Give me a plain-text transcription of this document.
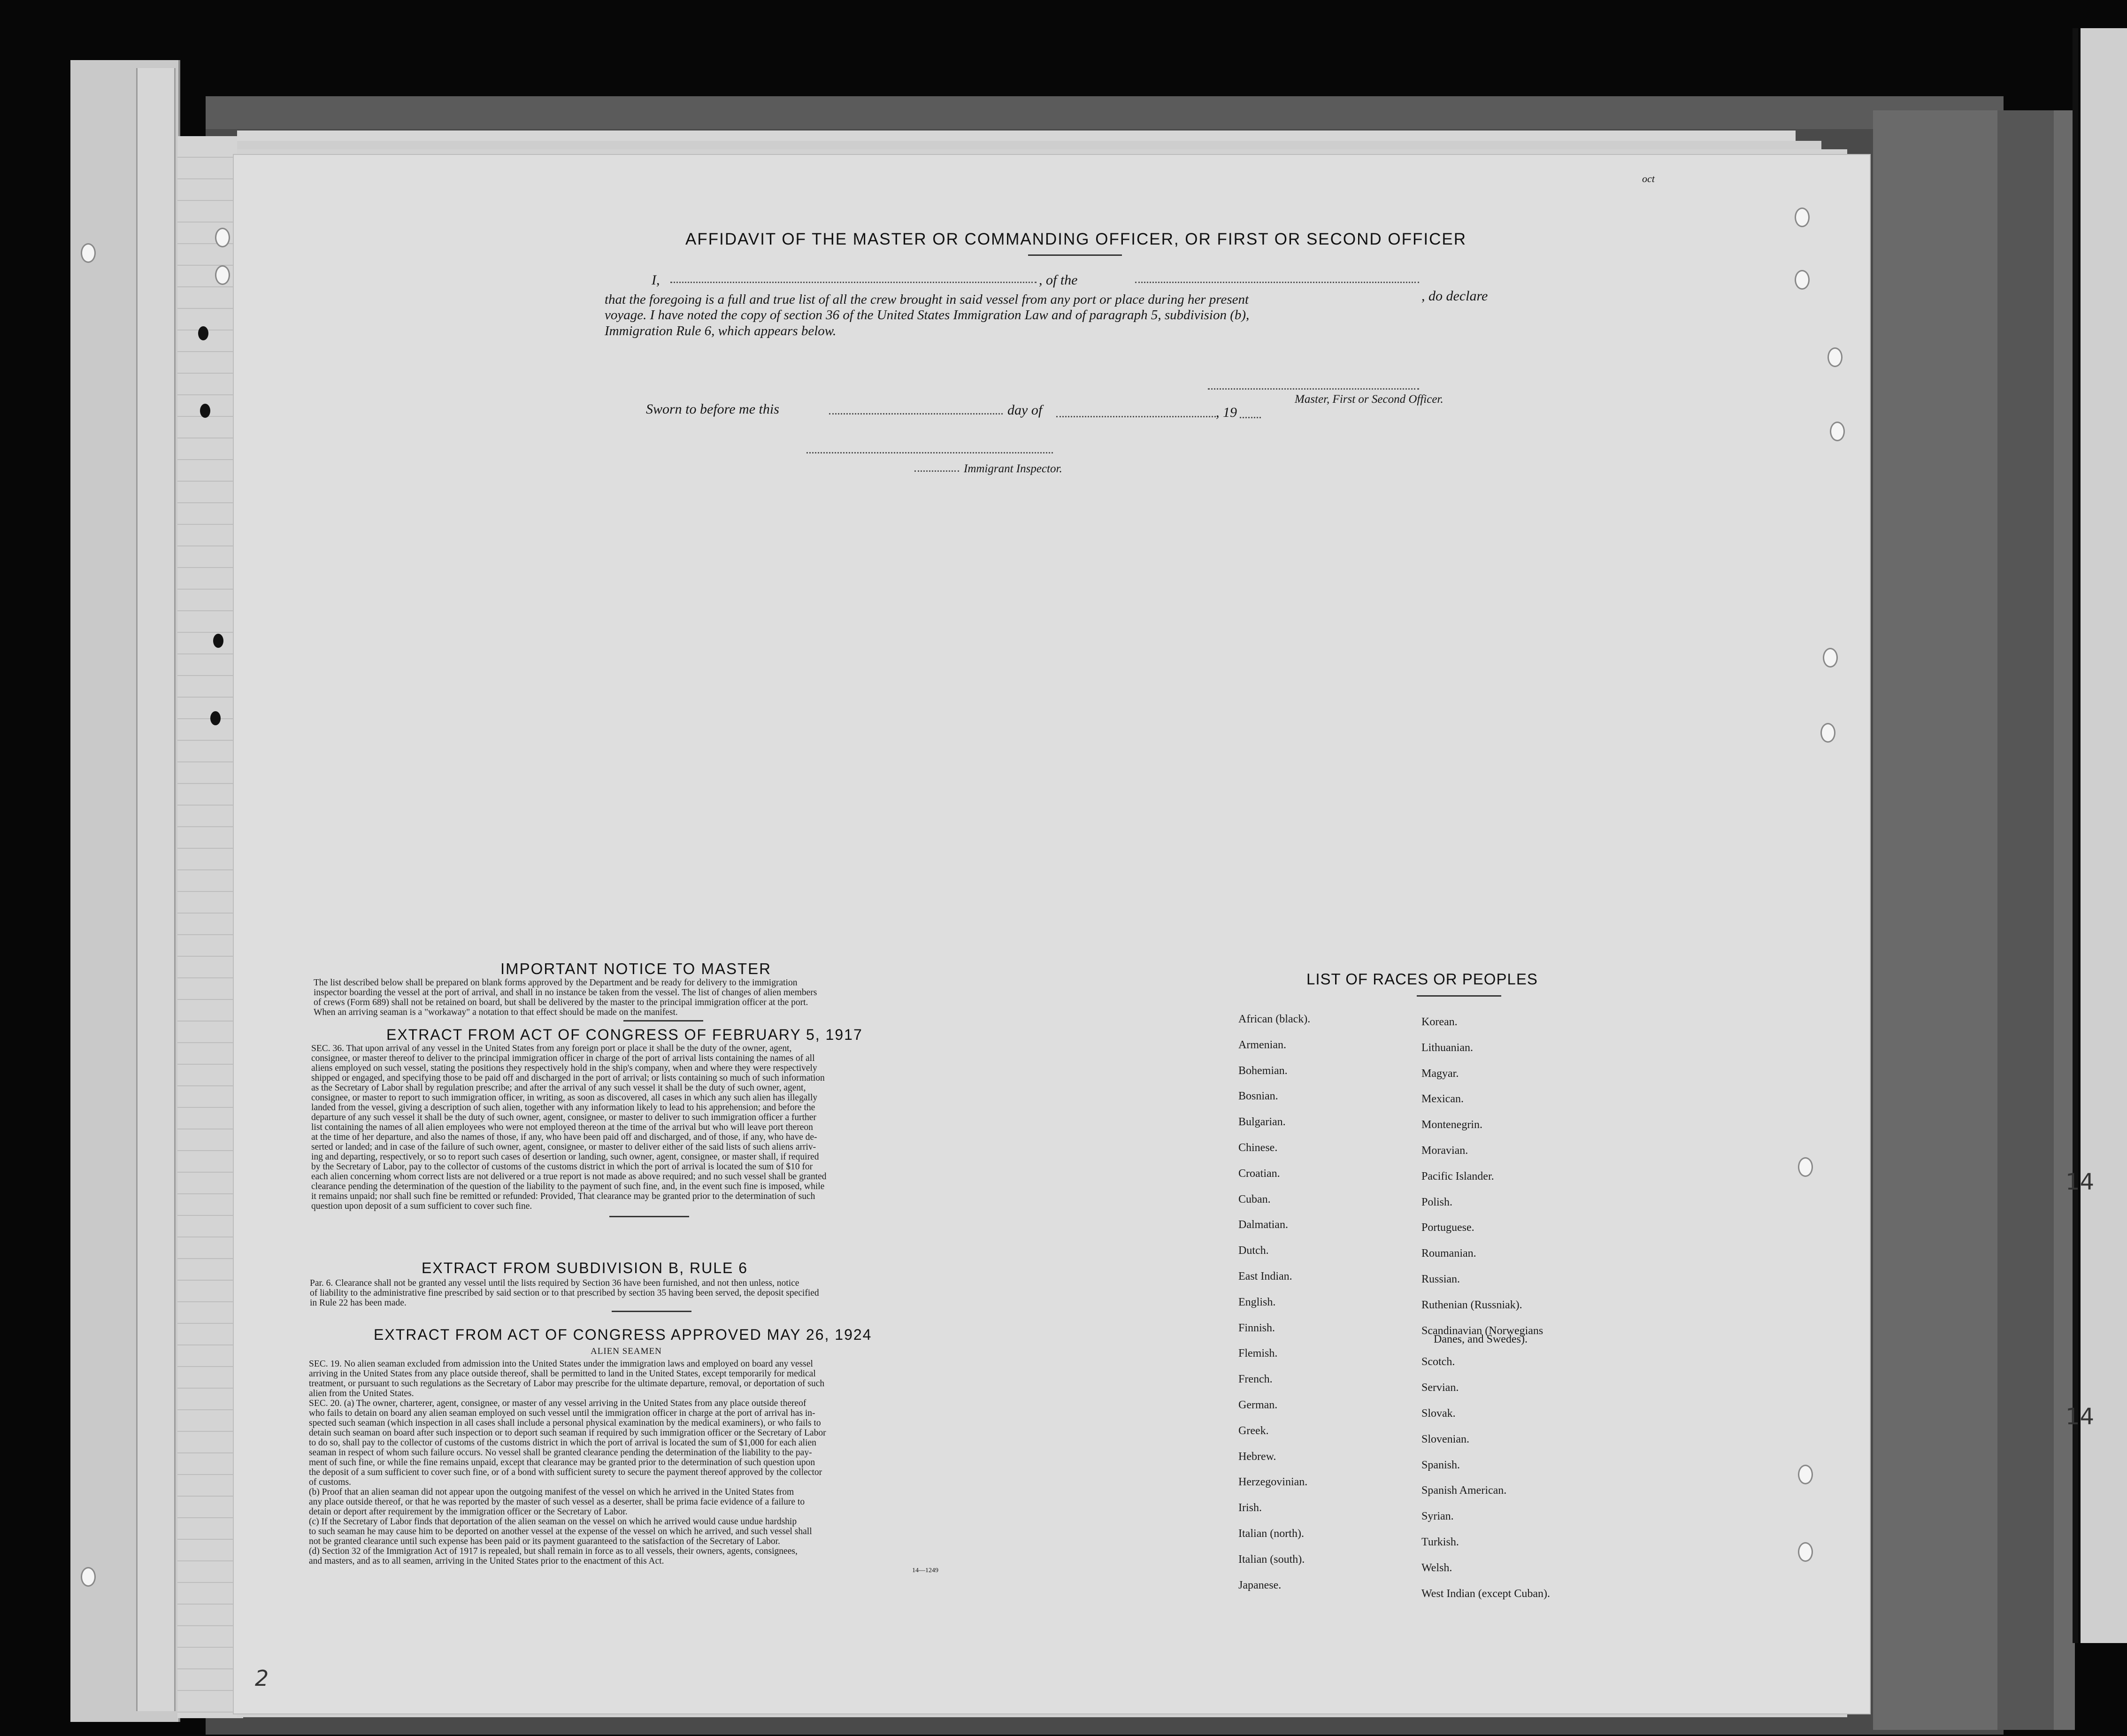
oct
AFFIDAVIT OF THE MASTER OR COMMANDING OFFICER, OR FIRST OR SECOND OFFICER
I,	, of the
, do declare
that the foregoing is a full and true list of all the crew brought in said vessel from any port or place during her present
voyage. I have noted the copy of section 36 of the United States Immigration Law and of paragraph 5, subdivision (b),
Immigration Rule 6, which appears below.
Master, First or Second Officer.
Sworn to before me this	day of	, 19
Immigrant Inspector.
IMPORTANT NOTICE TO MASTER
The list described below shall be prepared on blank forms approved by the Department and be ready for delivery to the immigration
inspector boarding the vessel at the port of arrival, and shall in no instance be taken from the vessel. The list of changes of alien members
of crews (Form 689) shall not be retained on board, but shall be delivered by the master to the principal immigration officer at the port.
When an arriving seaman is a "workaway" a notation to that effect should be made on the manifest.
EXTRACT FROM ACT OF CONGRESS OF FEBRUARY 5, 1917
SEC. 36. That upon arrival of any vessel in the United States from any foreign port or place it shall be the duty of the owner, agent,
consignee, or master thereof to deliver to the principal immigration officer in charge of the port of arrival lists containing the names of all
aliens employed on such vessel, stating the positions they respectively hold in the ship's company, when and where they were respectively
shipped or engaged, and specifying those to be paid off and discharged in the port of arrival; or lists containing so much of such information
as the Secretary of Labor shall by regulation prescribe; and after the arrival of any such vessel it shall be the duty of such owner, agent,
consignee, or master to report to such immigration officer, in writing, as soon as discovered, all cases in which any such alien has illegally
landed from the vessel, giving a description of such alien, together with any information likely to lead to his apprehension; and before the
departure of any such vessel it shall be the duty of such owner, agent, consignee, or master to deliver to such immigration officer a further
list containing the names of all alien employees who were not employed thereon at the time of the arrival but who will leave port thereon
at the time of her departure, and also the names of those, if any, who have been paid off and discharged, and of those, if any, who have de-
serted or landed; and in case of the failure of such owner, agent, consignee, or master to deliver either of the said lists of such aliens arriv-
ing and departing, respectively, or so to report such cases of desertion or landing, such owner, agent, consignee, or master shall, if required
by the Secretary of Labor, pay to the collector of customs of the customs district in which the port of arrival is located the sum of $10 for
each alien concerning whom correct lists are not delivered or a true report is not made as above required; and no such vessel shall be granted
clearance pending the determination of the question of the liability to the payment of such fine, and, in the event such fine is imposed, while
it remains unpaid; nor shall such fine be remitted or refunded: Provided, That clearance may be granted prior to the determination of such
question upon deposit of a sum sufficient to cover such fine.
EXTRACT FROM SUBDIVISION B, RULE 6
Par. 6. Clearance shall not be granted any vessel until the lists required by Section 36 have been furnished, and not then unless, notice
of liability to the administrative fine prescribed by said section or to that prescribed by section 35 having been served, the deposit specified
in Rule 22 has been made.
EXTRACT FROM ACT OF CONGRESS APPROVED MAY 26, 1924
ALIEN SEAMEN
SEC. 19. No alien seaman excluded from admission into the United States under the immigration laws and employed on board any vessel
arriving in the United States from any place outside thereof, shall be permitted to land in the United States, except temporarily for medical
treatment, or pursuant to such regulations as the Secretary of Labor may prescribe for the ultimate departure, removal, or deportation of such
alien from the United States.
SEC. 20. (a) The owner, charterer, agent, consignee, or master of any vessel arriving in the United States from any place outside thereof
who fails to detain on board any alien seaman employed on such vessel until the immigration officer in charge at the port of arrival has in-
spected such seaman (which inspection in all cases shall include a personal physical examination by the medical examiners), or who fails to
detain such seaman on board after such inspection or to deport such seaman if required by such immigration officer or the Secretary of Labor
to do so, shall pay to the collector of customs of the customs district in which the port of arrival is located the sum of $1,000 for each alien
seaman in respect of whom such failure occurs. No vessel shall be granted clearance pending the determination of the liability to the pay-
ment of such fine, or while the fine remains unpaid, except that clearance may be granted prior to the determination of such question upon
the deposit of a sum sufficient to cover such fine, or of a bond with sufficient surety to secure the payment thereof approved by the collector
of customs.
(b) Proof that an alien seaman did not appear upon the outgoing manifest of the vessel on which he arrived in the United States from
any place outside thereof, or that he was reported by the master of such vessel as a deserter, shall be prima facie evidence of a failure to
detain or deport after requirement by the immigration officer or the Secretary of Labor.
(c) If the Secretary of Labor finds that deportation of the alien seaman on the vessel on which he arrived would cause undue hardship
to such seaman he may cause him to be deported on another vessel at the expense of the vessel on which he arrived, and such vessel shall
not be granted clearance until such expense has been paid or its payment guaranteed to the satisfaction of the Secretary of Labor.
(d) Section 32 of the Immigration Act of 1917 is repealed, but shall remain in force as to all vessels, their owners, agents, consignees,
and masters, and as to all seamen, arriving in the United States prior to the enactment of this Act.
14—1249
LIST OF RACES OR PEOPLES
Danes, and Swedes).
2
African (black).
Armenian.
Bohemian.
Bosnian.
Bulgarian.
Chinese.
Croatian.
Cuban.
Dalmatian.
Dutch.
East Indian.
English.
Finnish.
Flemish.
French.
German.
Greek.
Hebrew.
Herzegovinian.
Irish.
Italian (north).
Italian (south).
Japanese.
Korean.
Lithuanian.
Magyar.
Mexican.
Montenegrin.
Moravian.
Pacific Islander.
Polish.
Portuguese.
Roumanian.
Russian.
Ruthenian (Russniak).
Scandinavian (Norwegians
Scotch.
Servian.
Slovak.
Slovenian.
Spanish.
Spanish American.
Syrian.
Turkish.
Welsh.
West Indian (except Cuban).
14
14
